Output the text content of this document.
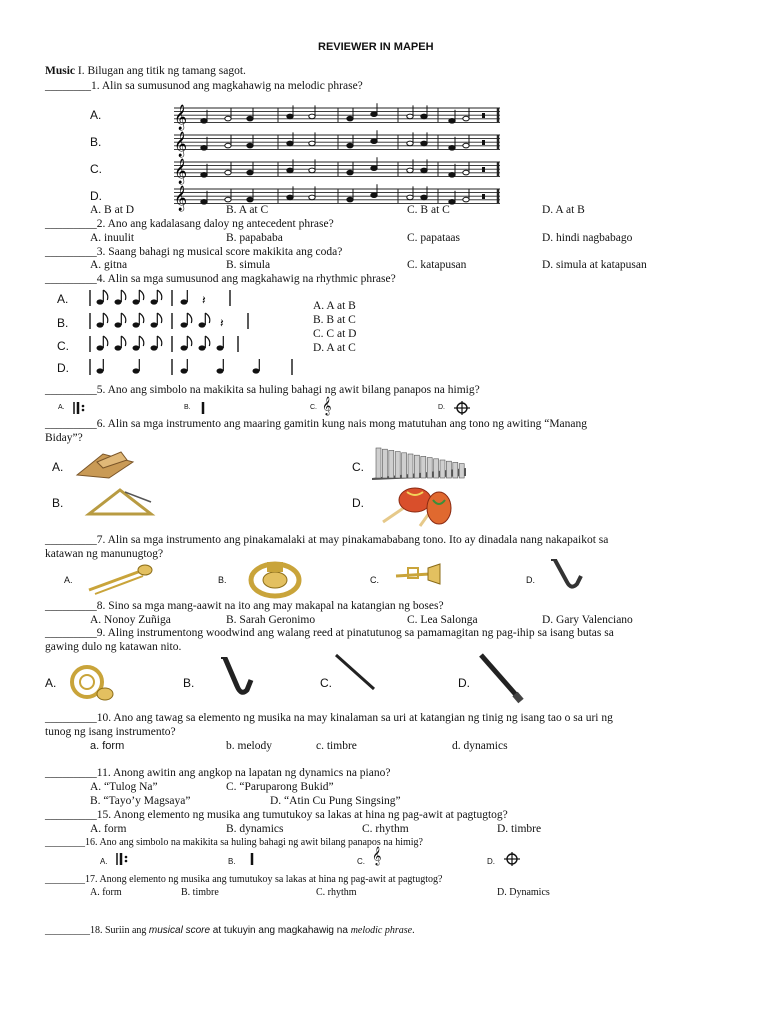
REVIEWER IN MAPEH
Music I. Bilugan ang titik ng tamang sagot.
________1. Alin sa sumusunod ang magkahawig na melodic phrase?
A.
B.
C.
D.
𝄞
𝄞
𝄞
𝄞
A. B at D	B. A at C	C. B at C	D. A at B
_________2. Ano ang kadalasang daloy ng antecedent phrase?
A. inuulit	B. papababa	C. papataas	D. hindi nagbabago
_________3. Saang bahagi ng musical score makikita ang coda?
A. gitna	B. simula	C. katapusan	D. simula at katapusan
_________4. Alin sa mga sumusunod ang magkahawig na rhythmic phrase?
A.
B.
C.
D.
𝄽
𝄽
A. A at B
B. B at C
C. C at D
D. A at C
_________5. Ano ang simbolo na makikita sa huling bahagi ng awit bilang panapos na himig?
A.	B.	C. 𝄞	D.
_________6. Alin sa mga instrumento ang maaring gamitin kung nais mong matutuhan ang tono ng awiting “Manang
Biday”?
A.	C.
B.	D.
_________7. Alin sa mga instrumento ang pinakamalaki at may pinakamababang tono. Ito ay dinadala nang nakapaikot sa
katawan ng manunugtog?
A.	B.	C.	D.
_________8. Sino sa mga mang-aawit na ito ang may makapal na katangian ng boses?
A. Nonoy Zuñiga	B. Sarah Geronimo	C. Lea Salonga	D. Gary Valenciano
_________9. Aling instrumentong woodwind ang walang reed at pinatutunog sa pamamagitan ng pag-ihip sa isang butas sa
gawing dulo ng katawan nito.
A.	B.	C.	D.
_________10. Ano ang tawag sa elemento ng musika na may kinalaman sa uri at katangian ng tinig ng isang tao o sa uri ng
tunog ng isang instrumento?
a. form	b. melody	c. timbre	d. dynamics
_________11. Anong awitin ang angkop na lapatan ng dynamics na piano?
A. “Tulog Na”	C. “Paruparong Bukid”
B. “Tayo’y Magsaya”	D. “Atin Cu Pung Singsing”
_________15. Anong elemento ng musika ang tumutukoy sa lakas at hina ng pag-awit at pagtugtog?
A. form	B. dynamics	C. rhythm	D. timbre
________16. Ano ang simbolo na makikita sa huling bahagi ng awit bilang panapos na himig?
A.	B.	C. 𝄞	D.
________17. Anong elemento ng musika ang tumutukoy sa lakas at hina ng pag-awit at pagtugtog?
A. form	B. timbre	C. rhythm	D. Dynamics
_________18. Suriin ang musical score at tukuyin ang magkahawig na melodic phrase.
